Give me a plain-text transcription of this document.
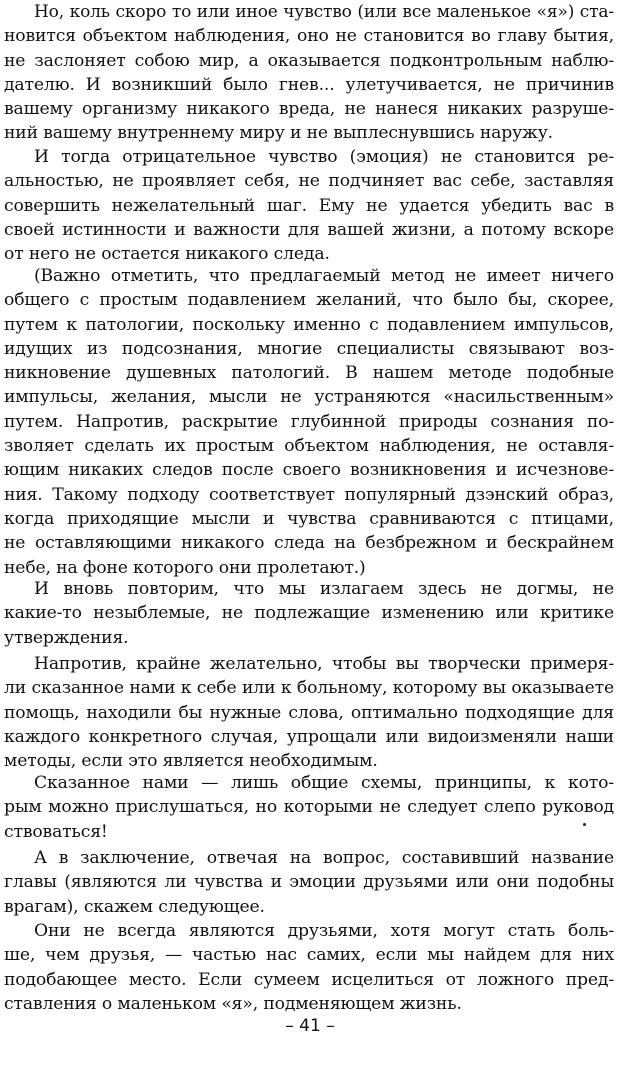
Но, коль скоро то или иное чувство (или все маленькое «я») ста-
новится объектом наблюдения, оно не становится во главу бытия,
не заслоняет собою мир, а оказывается подконтрольным наблю-
дателю. И возникший было гнев... улетучивается, не причинив
вашему организму никакого вреда, не нанеся никаких разруше-
ний вашему внутреннему миру и не выплеснувшись наружу.
И тогда отрицательное чувство (эмоция) не становится ре-
альностью, не проявляет себя, не подчиняет вас себе, заставляя
совершить нежелательный шаг. Ему не удается убедить вас в
своей истинности и важности для вашей жизни, а потому вскоре
от него не остается никакого следа.
(Важно отметить, что предлагаемый метод не имеет ничего
общего с простым подавлением желаний, что было бы, скорее,
путем к патологии, поскольку именно с подавлением импульсов,
идущих из подсознания, многие специалисты связывают воз-
никновение душевных патологий. В нашем методе подобные
импульсы, желания, мысли не устраняются «насильственным»
путем. Напротив, раскрытие глубинной природы сознания по-
зволяет сделать их простым объектом наблюдения, не оставля-
ющим никаких следов после своего возникновения и исчезнове-
ния. Такому подходу соответствует популярный дзэнский образ,
когда приходящие мысли и чувства сравниваются с птицами,
не оставляющими никакого следа на безбрежном и бескрайнем
небе, на фоне которого они пролетают.)
И вновь повторим, что мы излагаем здесь не догмы, не
какие-то незыблемые, не подлежащие изменению или критике
утверждения.
Напротив, крайне желательно, чтобы вы творчески примеря-
ли сказанное нами к себе или к больному, которому вы оказываете
помощь, находили бы нужные слова, оптимально подходящие для
каждого конкретного случая, упрощали или видоизменяли наши
методы, если это является необходимым.
Сказанное нами — лишь общие схемы, принципы, к кото-
рым можно прислушаться, но которыми не следует слепо руковод
ствоваться!
А в заключение, отвечая на вопрос, составивший название
главы (являются ли чувства и эмоции друзьями или они подобны
врагам), скажем следующее.
Они не всегда являются друзьями, хотя могут стать боль-
ше, чем друзья, — частью нас самих, если мы найдем для них
подобающее место. Если сумеем исцелиться от ложного пред-
ставления о маленьком «я», подменяющем жизнь.
– 41 –
